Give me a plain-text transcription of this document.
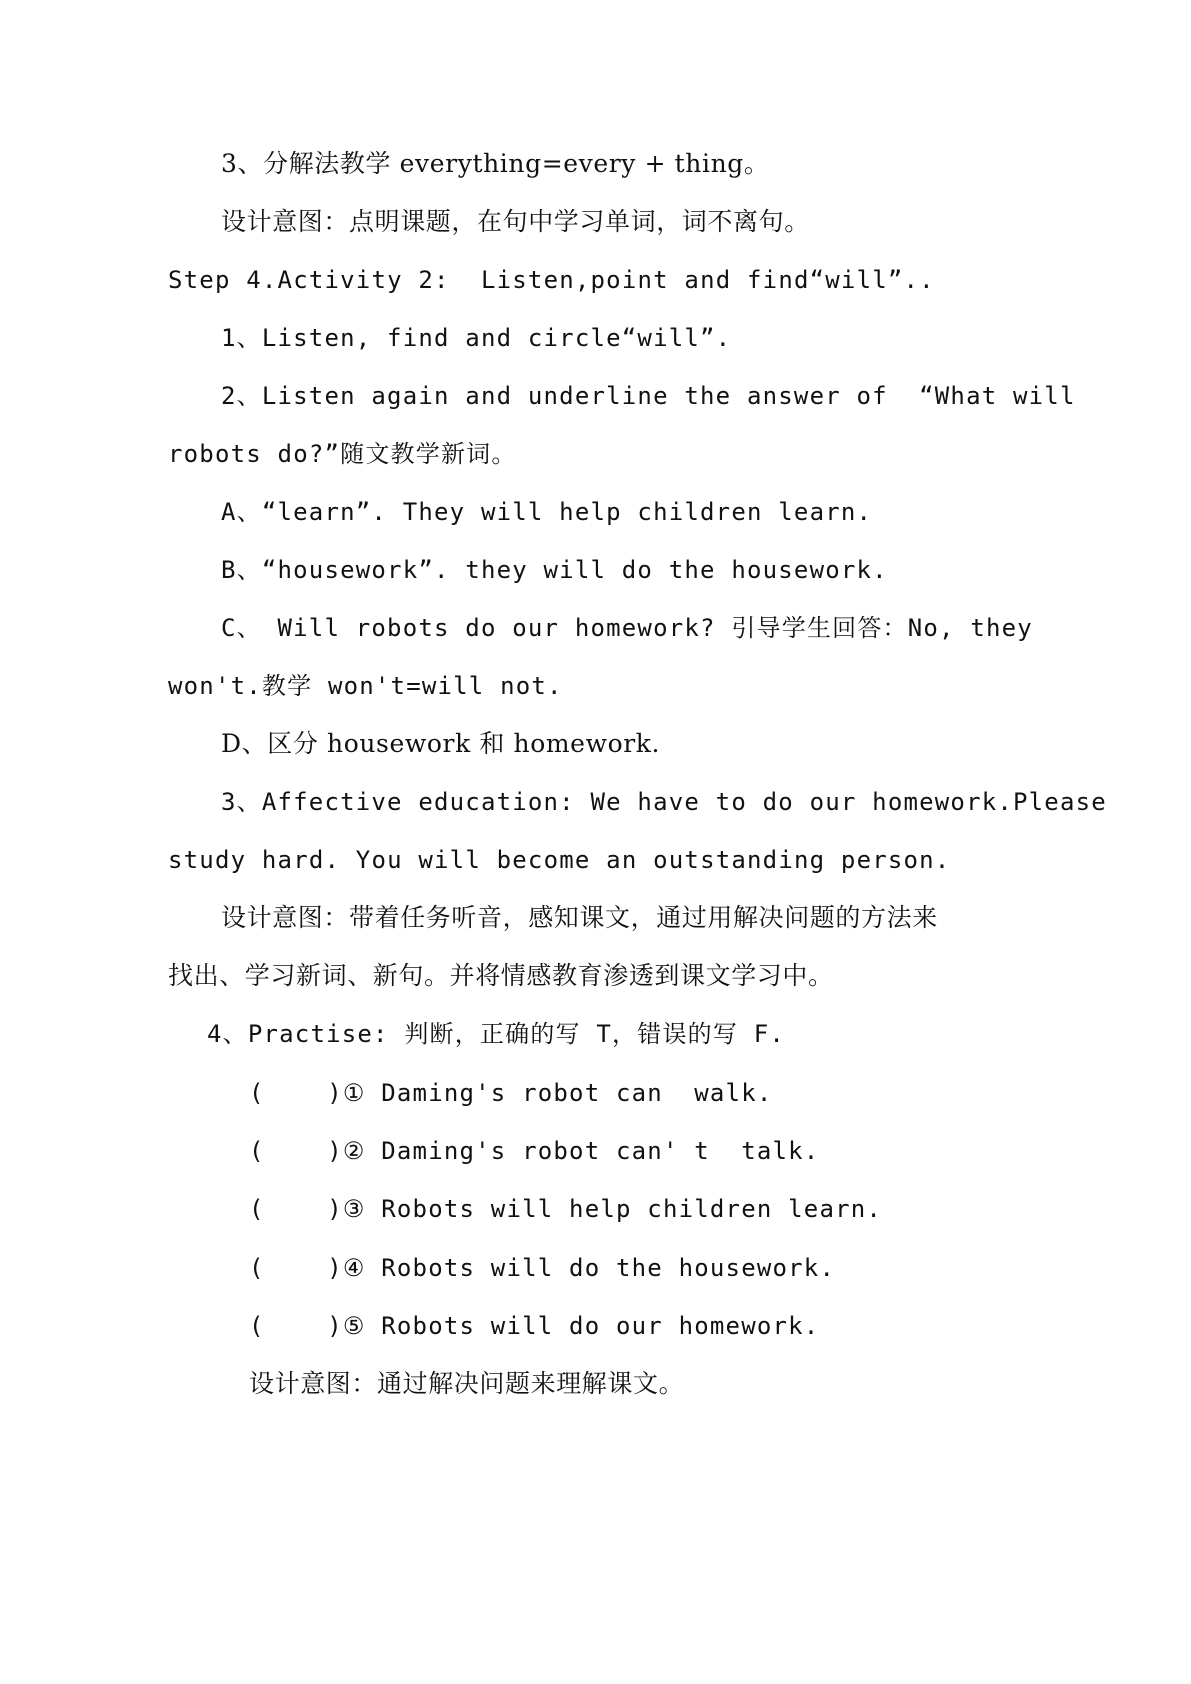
3、分解法教学 everything=every + thing。
设计意图：点明课题，在句中学习单词，词不离句。
Step 4.Activity 2:  Listen,point and find“will”..
1、Listen, find and circle“will”.
2、Listen again and underline the answer of  “What will
robots do?”随文教学新词。
A、“learn”. They will help children learn.
B、“housework”. they will do the housework.
C、 Will robots do our homework? 引导学生回答：No, they
won't.教学 won't=will not.
D、区分 housework 和 homework.
3、Affective education: We have to do our homework.Please
study hard. You will become an outstanding person.
设计意图：带着任务听音，感知课文，通过用解决问题的方法来
找出、学习新词、新句。并将情感教育渗透到课文学习中。
4、Practise: 判断，正确的写 T，错误的写 F.
(    )① Daming's robot can  walk.
(    )② Daming's robot can' t  talk.
(    )③ Robots will help children learn.
(    )④ Robots will do the housework.
(    )⑤ Robots will do our homework.
设计意图：通过解决问题来理解课文。
